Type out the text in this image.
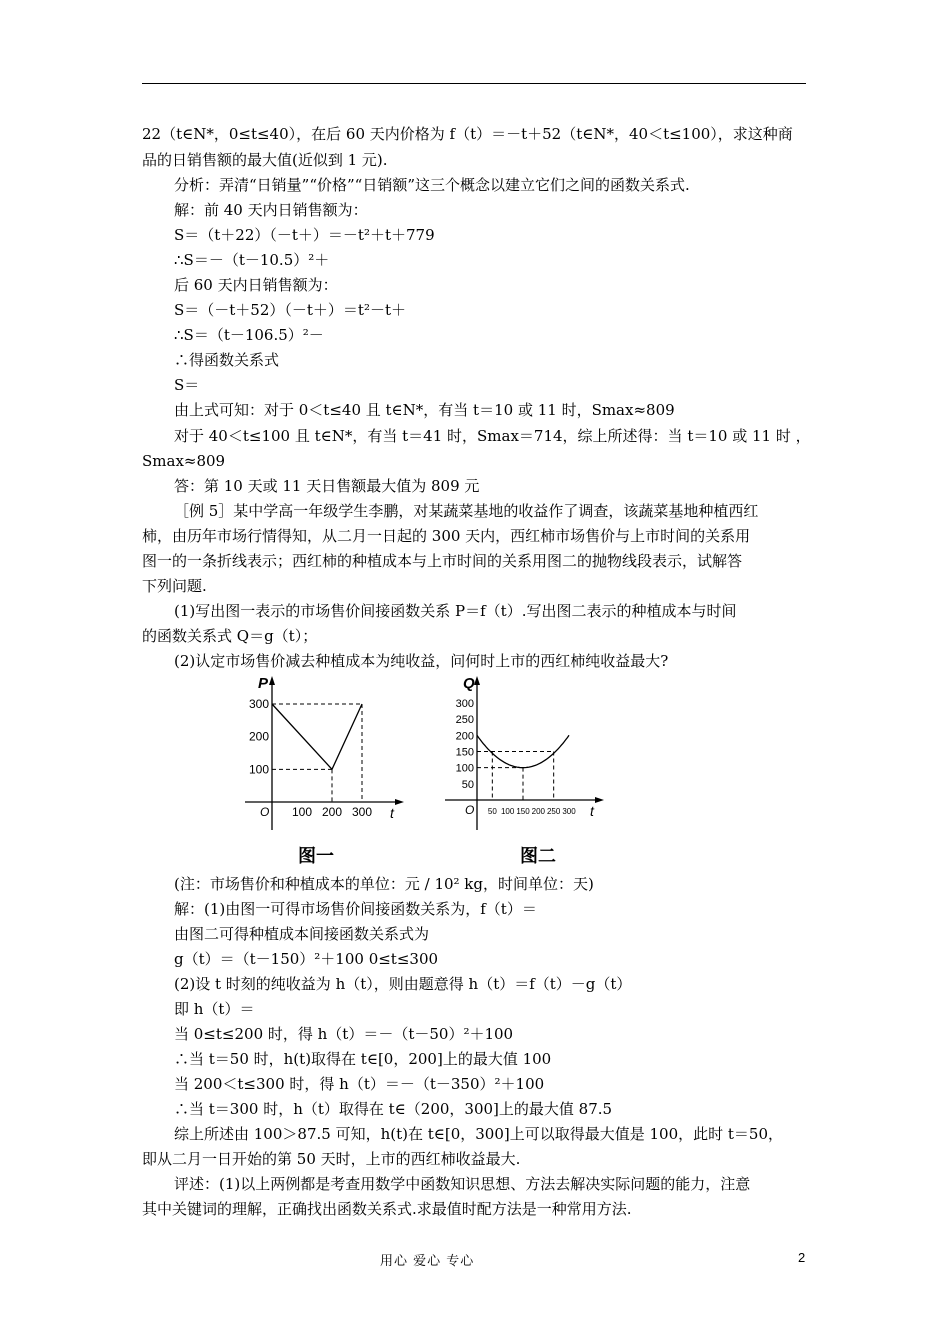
22（t∈N*，0≤t≤40），在后 60 天内价格为 f（t）＝－t＋52（t∈N*，40＜t≤100），求这种商
品的日销售额的最大值(近似到 1 元).
分析：弄清“日销量”“价格”“日销额”这三个概念以建立它们之间的函数关系式.
解：前 40 天内日销售额为：
S＝（t＋22）（－t＋）＝－t²＋t＋779
∴S＝－（t－10.5）²＋
后 60 天内日销售额为：
S＝（－t＋52）（－t＋）＝t²－t＋
∴S＝（t－106.5）²－
∴得函数关系式
S＝
由上式可知：对于 0＜t≤40 且 t∈N*，有当 t＝10 或 11 时，Smax≈809
对于 40＜t≤100 且 t∈N*，有当 t＝41 时，Smax＝714，综上所述得：当 t＝10 或 11 时 ，
Smax≈809
答：第 10 天或 11 天日售额最大值为 809 元
［例 5］某中学高一年级学生李鹏，对某蔬菜基地的收益作了调查，该蔬菜基地种植西红
柿，由历年市场行情得知，从二月一日起的 300 天内，西红柿市场售价与上市时间的关系用
图一的一条折线表示；西红柿的种植成本与上市时间的关系用图二的抛物线段表示，试解答
下列问题.
(1)写出图一表示的市场售价间接函数关系 P＝f（t）.写出图二表示的种植成本与时间
的函数关系式 Q＝g（t）；
(2)认定市场售价减去种植成本为纯收益，问何时上市的西红柿纯收益最大?
P
t
O
100
200
300
100 200 300
图一
Q
t
O
50
100
150
200
250
300
50 100 150 200 250 300
图二
(注：市场售价和种植成本的单位：元 / 10² kg，时间单位：天)
解：(1)由图一可得市场售价间接函数关系为，f（t）＝
由图二可得种植成本间接函数关系式为
g（t）＝（t－150）²＋100 0≤t≤300
(2)设 t 时刻的纯收益为 h（t），则由题意得 h（t）＝f（t）－g（t）
即 h（t）＝
当 0≤t≤200 时，得 h（t）＝－（t－50）²＋100
∴当 t＝50 时，h(t)取得在 t∈[0，200]上的最大值 100
当 200＜t≤300 时，得 h（t）＝－（t－350）²＋100
∴当 t＝300 时，h（t）取得在 t∈（200，300]上的最大值 87.5
综上所述由 100＞87.5 可知，h(t)在 t∈[0，300]上可以取得最大值是 100，此时 t＝50，
即从二月一日开始的第 50 天时，上市的西红柿收益最大.
评述：(1)以上两例都是考查用数学中函数知识思想、方法去解决实际问题的能力，注意
其中关键词的理解，正确找出函数关系式.求最值时配方法是一种常用方法.
用心 爱心 专心	2
